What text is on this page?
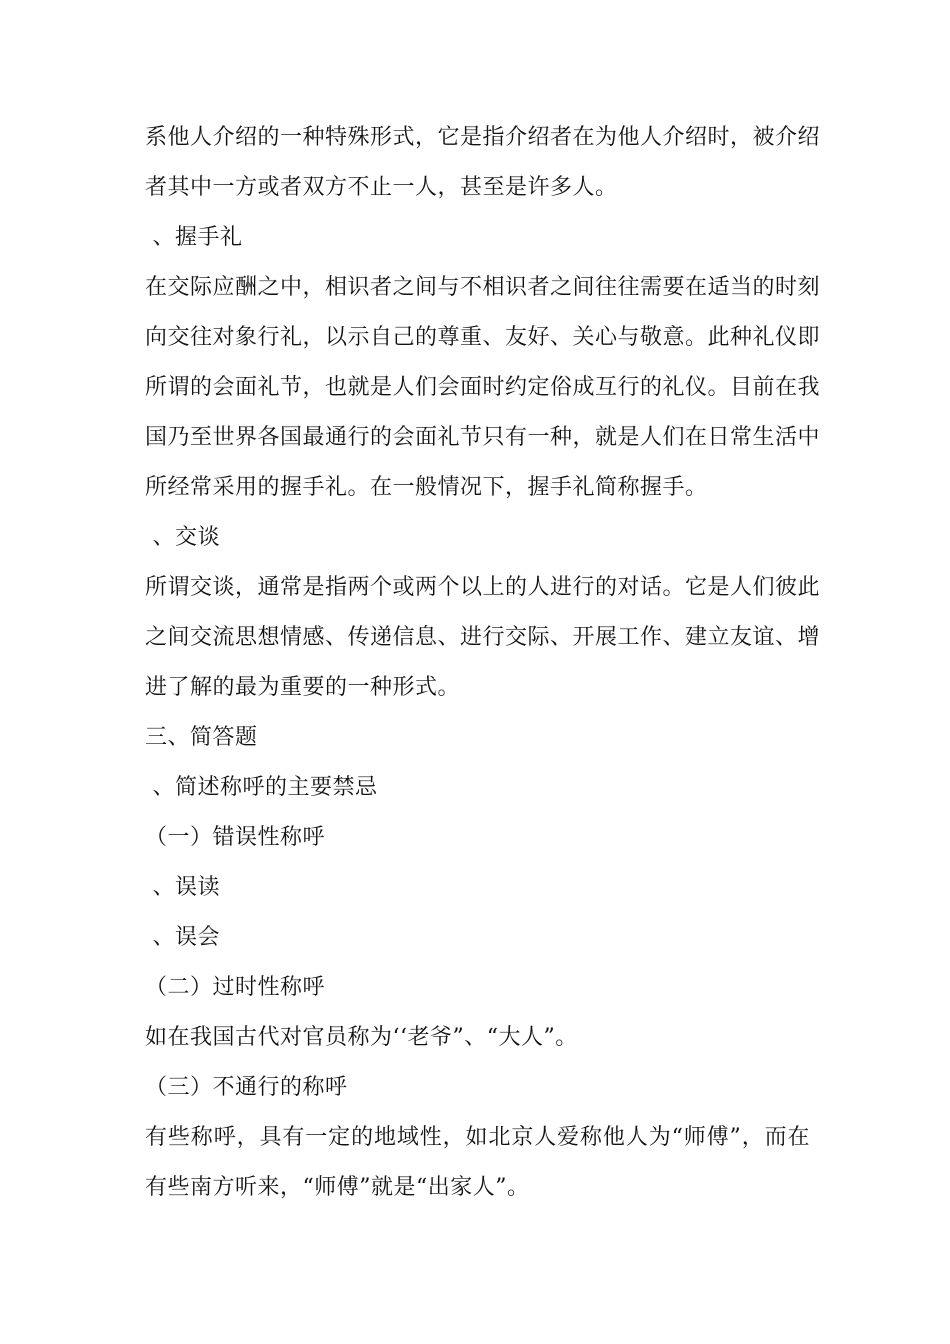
系他人介绍的一种特殊形式，它是指介绍者在为他人介绍时，被介绍
者其中一方或者双方不止一人，甚至是许多人。
、握手礼
在交际应酬之中，相识者之间与不相识者之间往往需要在适当的时刻
向交往对象行礼，以示自己的尊重、友好、关心与敬意。此种礼仪即
所谓的会面礼节，也就是人们会面时约定俗成互行的礼仪。目前在我
国乃至世界各国最通行的会面礼节只有一种，就是人们在日常生活中
所经常采用的握手礼。在一般情况下，握手礼简称握手。
、交谈
所谓交谈，通常是指两个或两个以上的人进行的对话。它是人们彼此
之间交流思想情感、传递信息、进行交际、开展工作、建立友谊、增
进了解的最为重要的一种形式。
三、简答题
、简述称呼的主要禁忌
（一）错误性称呼
、误读
、误会
（二）过时性称呼
如在我国古代对官员称为‘‘老爷”、“大人”。
（三）不通行的称呼
有些称呼，具有一定的地域性，如北京人爱称他人为“师傅”，而在
有些南方听来，“师傅”就是“出家人”。
